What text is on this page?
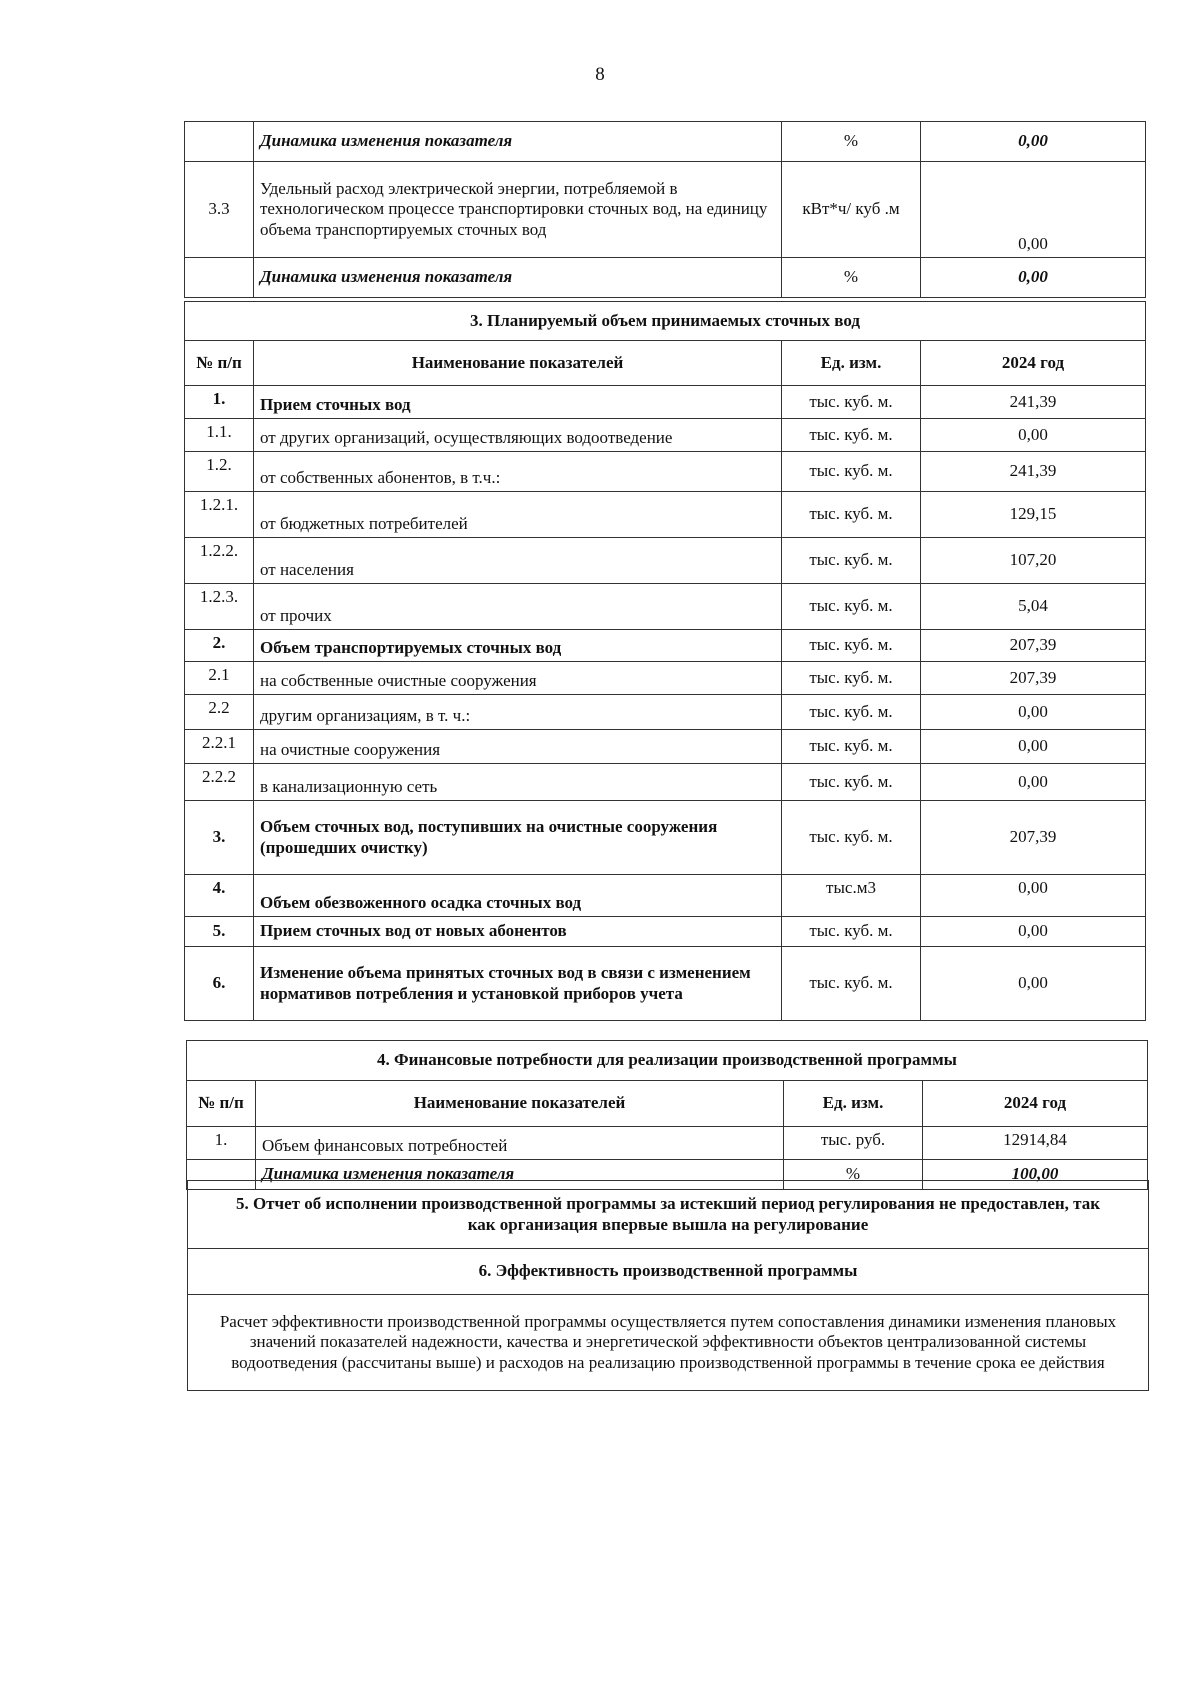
8
	Динамика изменения показателя	%	0,00
3.3	Удельный расход электрической энергии, потребляемой в технологическом процессе транспортировки сточных вод, на единицу объема транспортируемых сточных вод	кВт*ч/ куб .м	0,00
	Динамика изменения показателя	%	0,00
3. Планируемый объем принимаемых сточных вод			
№ п/п	Наименование показателей	Ед. изм.	2024 год
1.	Прием сточных вод	тыс. куб. м.	241,39
1.1.	от других организаций, осуществляющих водоотведение	тыс. куб. м.	0,00
1.2.	от собственных абонентов, в т.ч.:	тыс. куб. м.	241,39
1.2.1.	от бюджетных потребителей	тыс. куб. м.	129,15
1.2.2.	от населения	тыс. куб. м.	107,20
1.2.3.	от прочих	тыс. куб. м.	5,04
2.	Объем транспортируемых сточных вод	тыс. куб. м.	207,39
2.1	на собственные очистные сооружения	тыс. куб. м.	207,39
2.2	другим организациям, в т. ч.:	тыс. куб. м.	0,00
2.2.1	на очистные сооружения	тыс. куб. м.	0,00
2.2.2	в канализационную сеть	тыс. куб. м.	0,00
3.	Объем сточных вод, поступивших на очистные сооружения (прошедших очистку)	тыс. куб. м.	207,39
4.	Объем обезвоженного осадка сточных вод	тыс.м3	0,00
5.	Прием сточных вод от новых абонентов	тыс. куб. м.	0,00
6.	Изменение объема принятых сточных вод в связи с изменением нормативов потребления и установкой приборов учета	тыс. куб. м.	0,00
4. Финансовые потребности для реализации производственной программы			
№ п/п	Наименование показателей	Ед. изм.	2024 год
1.	Объем финансовых потребностей	тыс. руб.	12914,84
	Динамика изменения показателя	%	100,00
5. Отчет об исполнении производственной программы за истекший период регулирования не предоставлен, так как организация впервые вышла на регулирование
6. Эффективность производственной программы
Расчет эффективности производственной программы осуществляется путем сопоставления динамики изменения плановых значений показателей надежности, качества и энергетической эффективности объектов централизованной системы водоотведения (рассчитаны выше) и расходов на реализацию производственной программы в течение срока ее действия
